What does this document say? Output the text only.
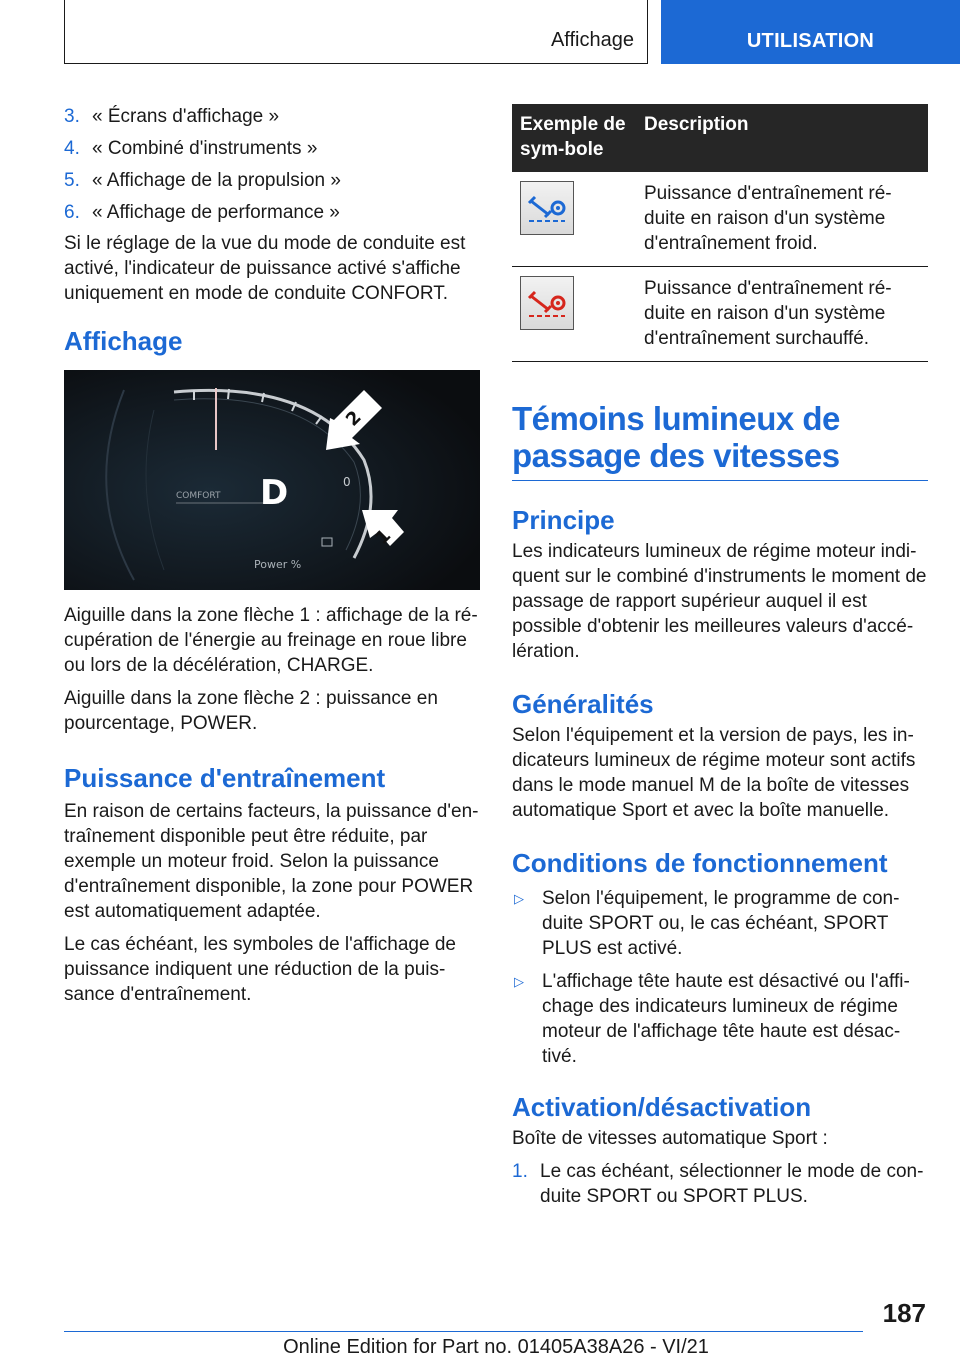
Affichage	UTILISATION
3. « Écrans d'affichage »
4. « Combiné d'instruments »
5. « Affichage de la propulsion »
6. « Affichage de performance »

Si le réglage de la vue du mode de conduite est activé, l'indicateur de puissance activé s'affiche uniquement en mode de conduite CONFORT.

Affichage
COMFORT D	0
Power %
2
1

Aiguille dans la zone flèche 1 : affichage de la ré-cupération de l'énergie au freinage en roue libre ou lors de la décélération, CHARGE.

Aiguille dans la zone flèche 2 : puissance en pourcentage, POWER.

Puissance d'entraînement

En raison de certains facteurs, la puissance d'en-traînement disponible peut être réduite, par exemple un moteur froid. Selon la puissance d'entraînement disponible, la zone pour POWER est automatiquement adaptée.

Le cas échéant, les symboles de l'affichage de puissance indiquent une réduction de la puis-sance d'entraînement.

Exemple de sym-bole	Description

	Puissance d'entraînement ré-duite en raison d'un système d'entraînement froid.

	Puissance d'entraînement ré-duite en raison d'un système d'entraînement surchauffé.
Témoins lumineux de passage des vitesses
Principe

Les indicateurs lumineux de régime moteur indi-quent sur le combiné d'instruments le moment de passage de rapport supérieur auquel il est possible d'obtenir les meilleures valeurs d'accé-lération.

Généralités

Selon l'équipement et la version de pays, les in-dicateurs lumineux de régime moteur sont actifs dans le mode manuel M de la boîte de vitesses automatique Sport et avec la boîte manuelle.

Conditions de fonctionnement
▷ Selon l'équipement, le programme de con-duite SPORT ou, le cas échéant, SPORT PLUS est activé.
▷ L'affichage tête haute est désactivé ou l'affi-chage des indicateurs lumineux de régime moteur de l'affichage tête haute est désac-tivé.
Activation/désactivation

Boîte de vitesses automatique Sport :

1. Le cas échéant, sélectionner le mode de con-duite SPORT ou SPORT PLUS.
187
Online Edition for Part no. 01405A38A26 - VI/21
